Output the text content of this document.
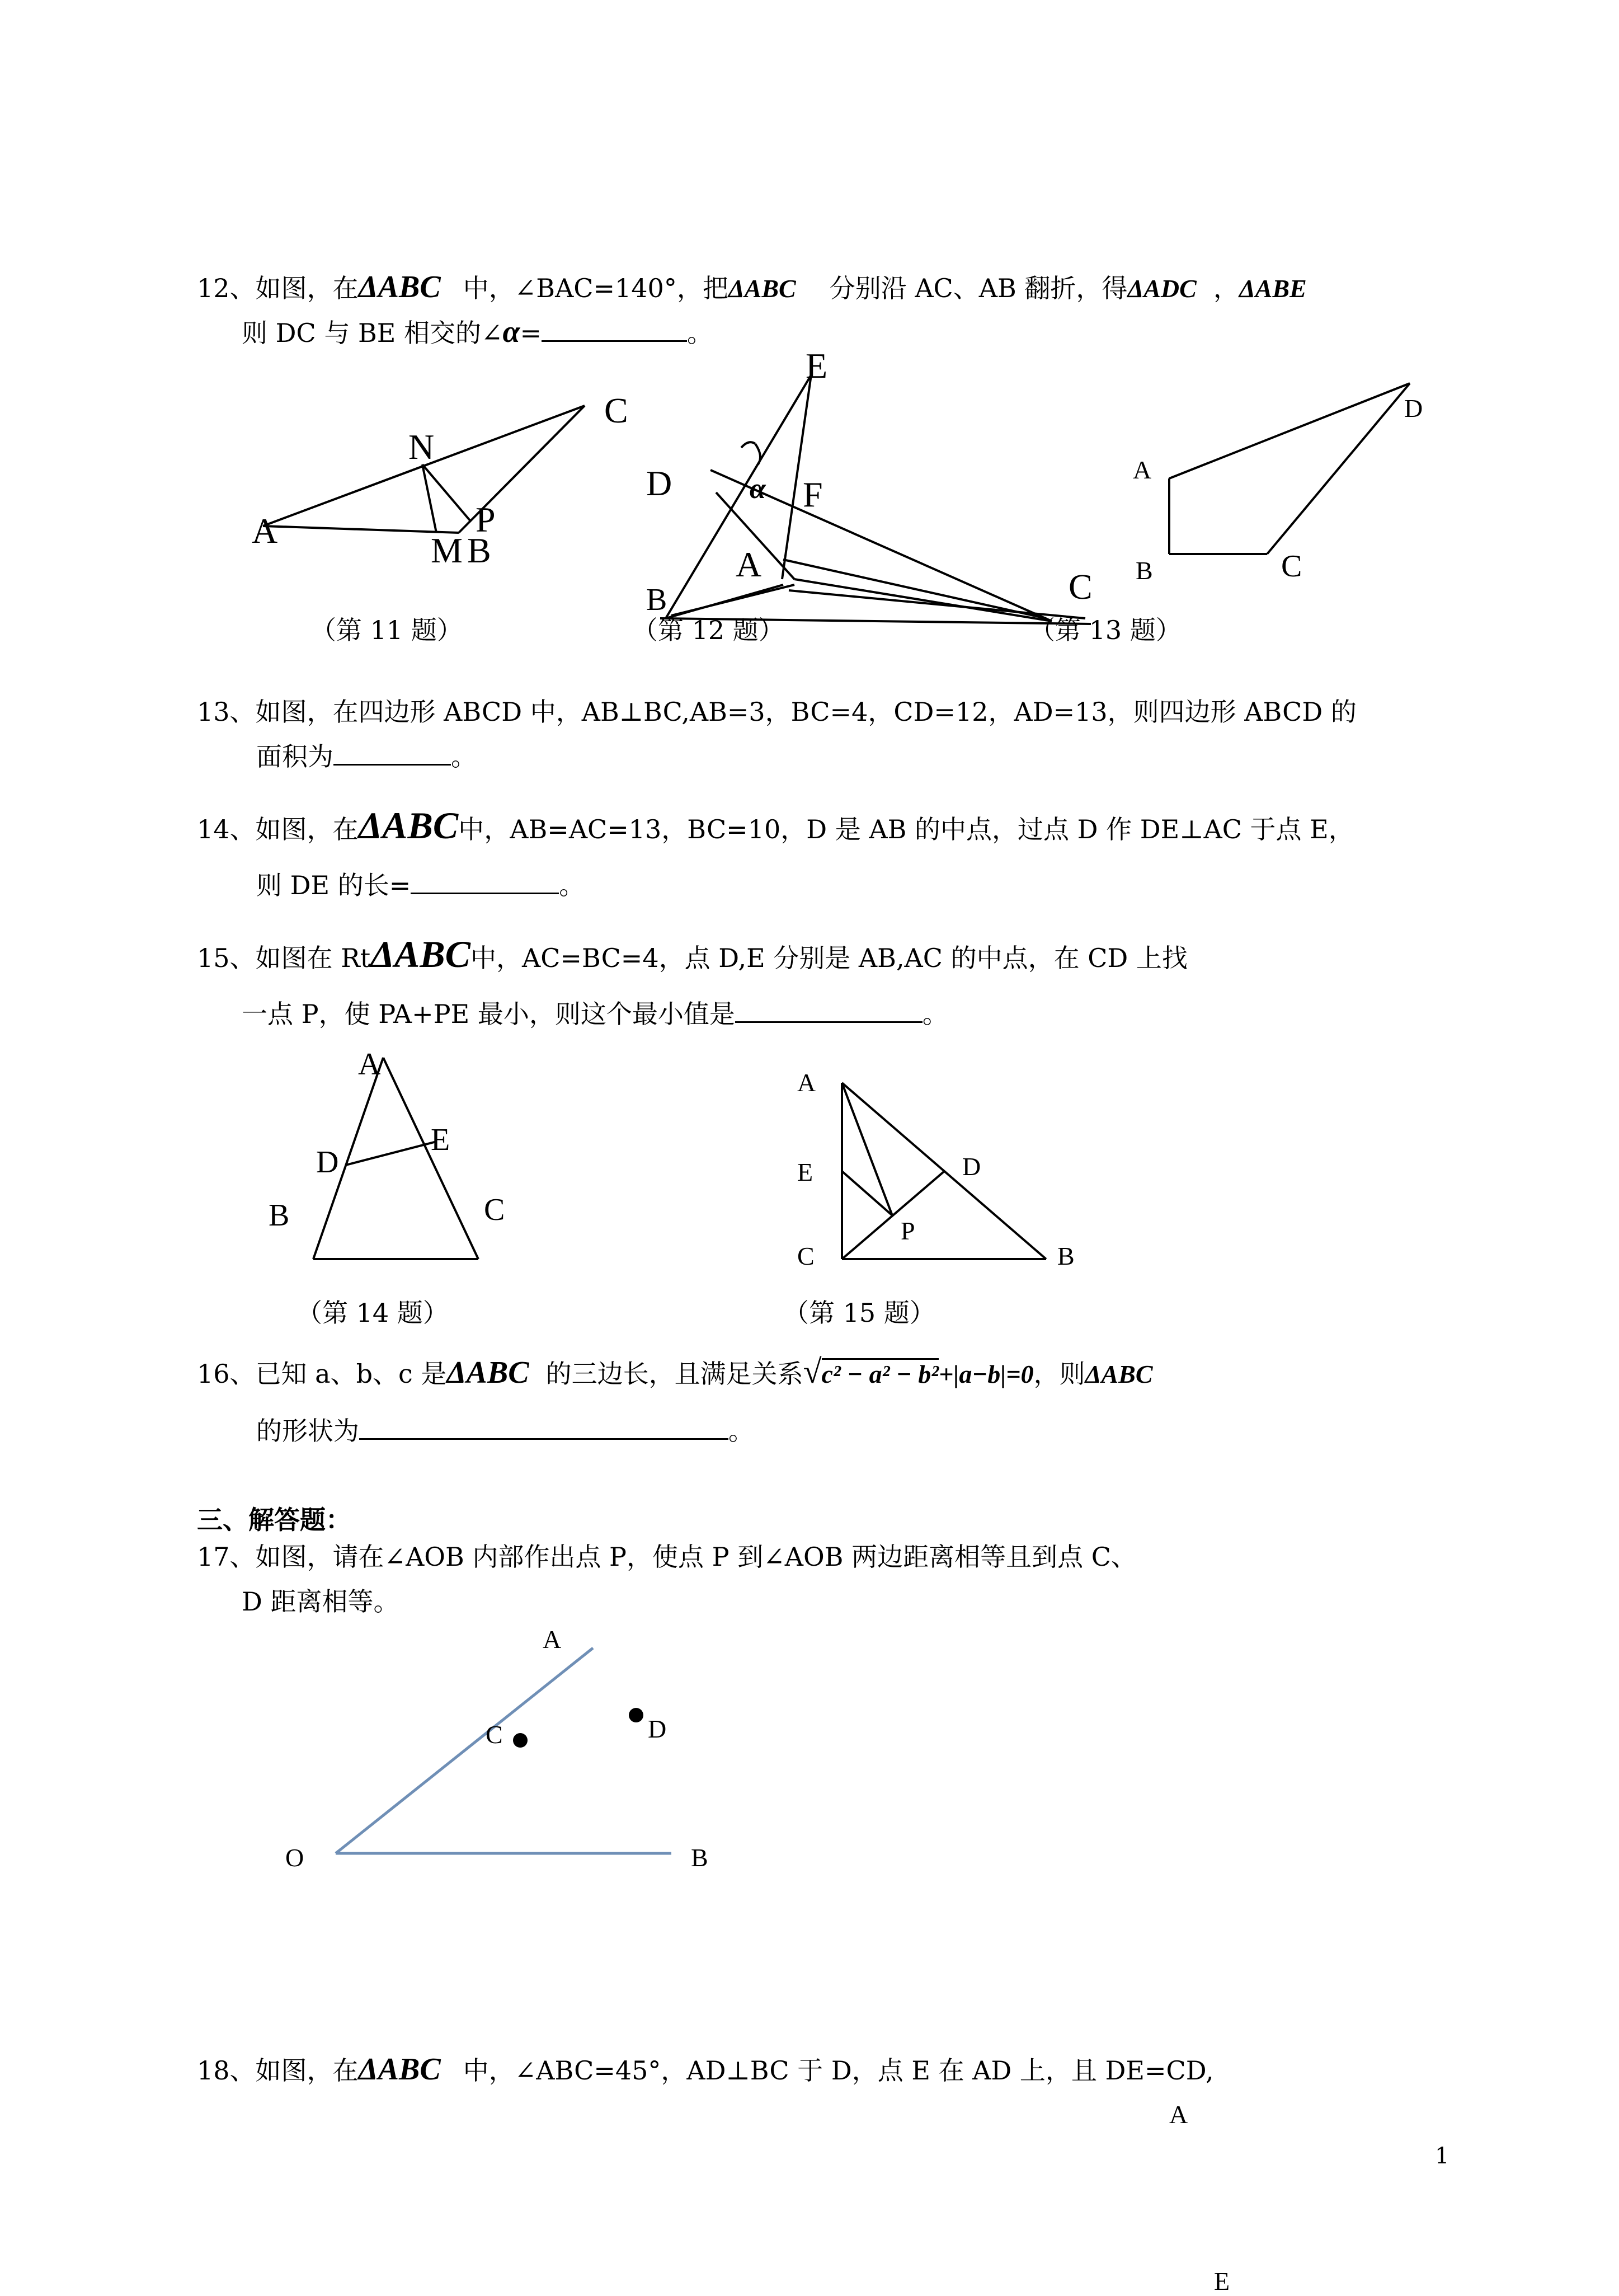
12、如图，在ΔABC 中，∠BAC=140°，把ΔABC 分别沿 AC、AB 翻折，得ΔADC ，ΔABE
则 DC 与 BE 相交的∠α=	。
C
N
A	P
M B
（第 11 题）
E
D	F
A
B	C
α
（第 12 题）
D
A
B	C
（第 13 题）
13、如图，在四边形 ABCD 中，AB⊥BC,AB=3，BC=4，CD=12，AD=13，则四边形 ABCD 的
面积为	。
14、如图，在ΔABC中，AB=AC=13，BC=10，D 是 AB 的中点，过点 D 作 DE⊥AC 于点 E，
则 DE 的长=	。
15、如图在 RtΔABC中，AC=BC=4，点 D,E 分别是 AB,AC 的中点，在 CD 上找
一点 P，使 PA+PE 最小，则这个最小值是	。
A
E
D
B	C
（第 14 题）
A
D
E
P
C	B
（第 15 题）
16、已知 a、b、c 是ΔABC 的三边长，且满足关系√c² − a² − b²+|a−b|=0，则ΔABC
的形状为	。
三、解答题：
17、如图，请在∠AOB 内部作出点 P，使点 P 到∠AOB 两边距离相等且到点 C、
D 距离相等。
A
C	D
O	B
18、如图，在ΔABC 中，∠ABC=45°，AD⊥BC 于 D，点 E 在 AD 上，且 DE=CD,
A
E
1
